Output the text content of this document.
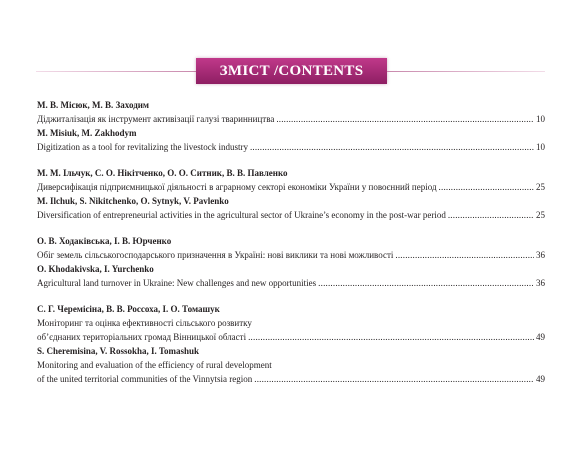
ЗМІСТ /CONTENTS
М. В. Місюк, М. В. Заходим
Діджиталізація як інструмент активізації галузі тваринництва .....	10
M. Misiuk, M. Zakhodym
Digitization as a tool for revitalizing the livestock industry .....	10
М. М. Ільчук, С. О. Нікітченко, О. О. Ситник, В. В. Павленко
Диверсифікація підприємницької діяльності в аграрному секторі економіки України у повоєнний період .....	25
M. Ilchuk, S. Nikitchenko, O. Sytnyk, V. Pavlenko
Diversification of entrepreneurial activities in the agricultural sector of Ukraine’s economy in the post-war period .....	25
О. В. Ходаківська, І. В. Юрченко
Обіг земель сільськогосподарського призначення в Україні: нові виклики та нові можливості .....	36
O. Khodakivska, I. Yurchenko
Agricultural land turnover in Ukraine: New challenges and new opportunities .....	36
С. Г. Черемісіна, В. В. Россоха, І. О. Томашук
Моніторинг та оцінка ефективності сільського розвитку
об’єднаних територіальних громад Вінницької області .....	49
S. Cheremisina, V. Rossokha, I. Tomashuk
Monitoring and evaluation of the efficiency of rural development
of the united territorial communities of the Vinnytsia region .....	49
